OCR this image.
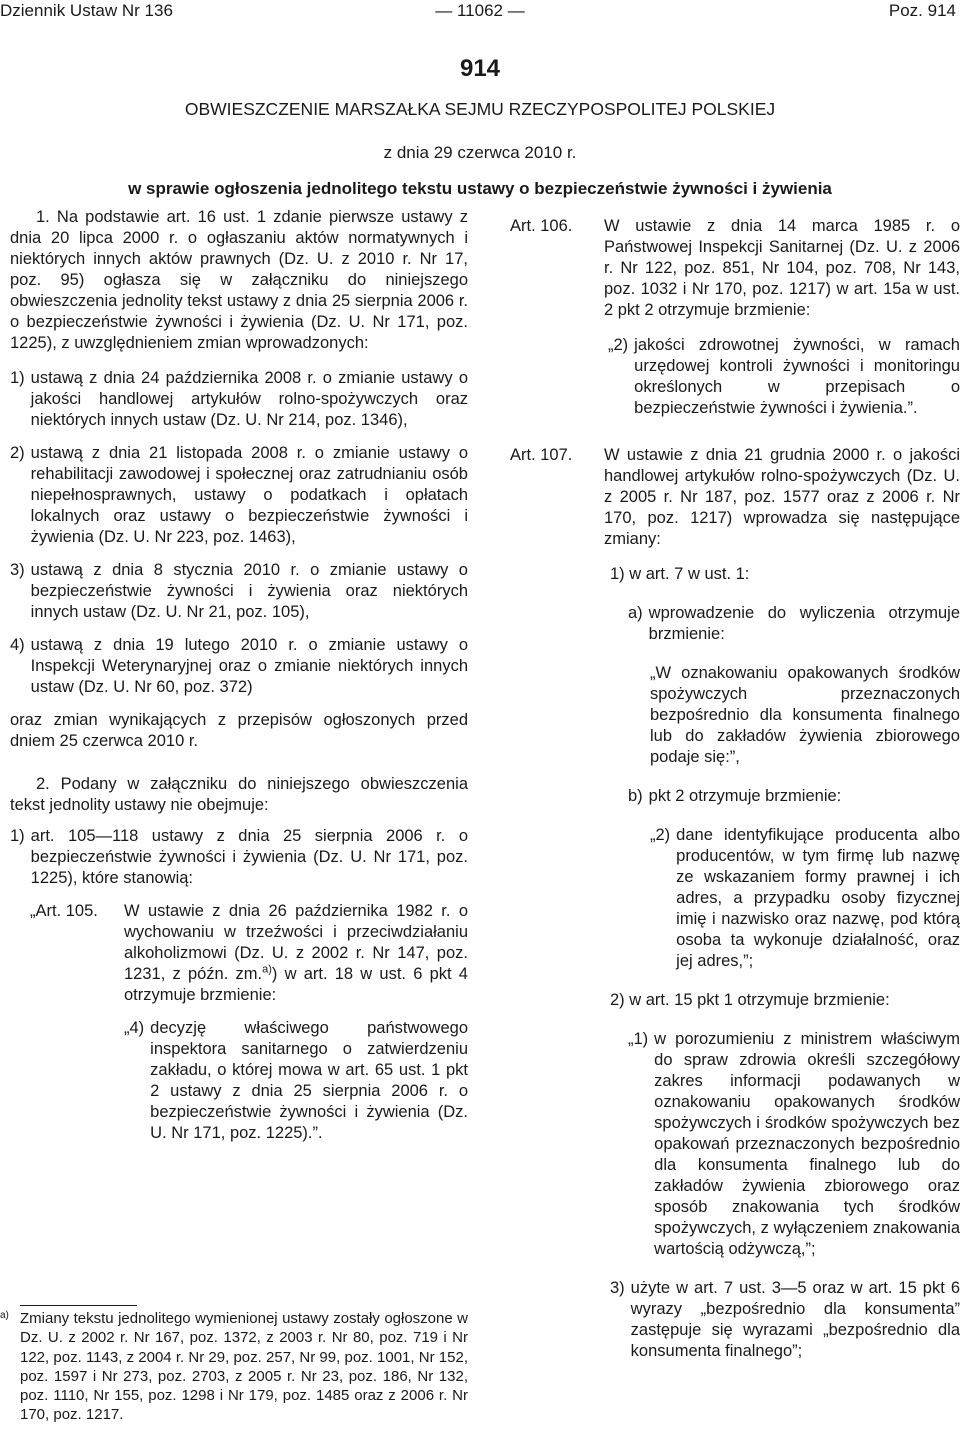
Dziennik Ustaw Nr 136	— 11062 —	Poz. 914
914
OBWIESZCZENIE MARSZAŁKA SEJMU RZECZYPOSPOLITEJ POLSKIEJ
z dnia 29 czerwca 2010 r.
w sprawie ogłoszenia jednolitego tekstu ustawy o bezpieczeństwie żywności i żywienia

1. Na podstawie art. 16 ust. 1 zdanie pierwsze ustawy z dnia 20 lipca 2000 r. o ogłaszaniu aktów normatywnych i niektórych innych aktów prawnych (Dz. U. z 2010 r. Nr 17, poz. 95) ogłasza się w załączniku do niniejszego obwieszczenia jednolity tekst ustawy z dnia 25 sierpnia 2006 r. o bezpieczeństwie żywności i żywienia (Dz. U. Nr 171, poz. 1225), z uwzględnieniem zmian wprowadzonych:

1) ustawą z dnia 24 października 2008 r. o zmianie ustawy o jakości handlowej artykułów rolno-spożywczych oraz niektórych innych ustaw (Dz. U. Nr 214, poz. 1346),
2) ustawą z dnia 21 listopada 2008 r. o zmianie ustawy o rehabilitacji zawodowej i społecznej oraz zatrudnianiu osób niepełnosprawnych, ustawy o podatkach i opłatach lokalnych oraz ustawy o bezpieczeństwie żywności i żywienia (Dz. U. Nr 223, poz. 1463),
3) ustawą z dnia 8 stycznia 2010 r. o zmianie ustawy o bezpieczeństwie żywności i żywienia oraz niektórych innych ustaw (Dz. U. Nr 21, poz. 105),
4) ustawą z dnia 19 lutego 2010 r. o zmianie ustawy o Inspekcji Weterynaryjnej oraz o zmianie niektórych innych ustaw (Dz. U. Nr 60, poz. 372)

oraz zmian wynikających z przepisów ogłoszonych przed dniem 25 czerwca 2010 r.

2. Podany w załączniku do niniejszego obwieszczenia tekst jednolity ustawy nie obejmuje:

1) art. 105—118 ustawy z dnia 25 sierpnia 2006 r. o bezpieczeństwie żywności i żywienia (Dz. U. Nr 171, poz. 1225), które stanowią:
„Art. 105.	W ustawie z dnia 26 października 1982 r. o wychowaniu w trzeźwości i przeciwdziałaniu alkoholizmowi (Dz. U. z 2002 r. Nr 147, poz. 1231, z późn. zm.$^{a)}$) w art. 18 w ust. 6 pkt 4 otrzymuje brzmienie:
„4) decyzję właściwego państwowego inspektora sanitarnego o zatwierdzeniu zakładu, o której mowa w art. 65 ust. 1 pkt 2 ustawy z dnia 25 sierpnia 2006 r. o bezpieczeństwie żywności i żywienia (Dz. U. Nr 171, poz. 1225).”.
a) Zmiany tekstu jednolitego wymienionej ustawy zostały ogłoszone w Dz. U. z 2002 r. Nr 167, poz. 1372, z 2003 r. Nr 80, poz. 719 i Nr 122, poz. 1143, z 2004 r. Nr 29, poz. 257, Nr 99, poz. 1001, Nr 152, poz. 1597 i Nr 273, poz. 2703, z 2005 r. Nr 23, poz. 186, Nr 132, poz. 1110, Nr 155, poz. 1298 i Nr 179, poz. 1485 oraz z 2006 r. Nr 170, poz. 1217.
Art. 106.	W ustawie z dnia 14 marca 1985 r. o Państwowej Inspekcji Sanitarnej (Dz. U. z 2006 r. Nr 122, poz. 851, Nr 104, poz. 708, Nr 143, poz. 1032 i Nr 170, poz. 1217) w art. 15a w ust. 2 pkt 2 otrzymuje brzmienie:
„2) jakości zdrowotnej żywności, w ramach urzędowej kontroli żywności i monitoringu określonych w przepisach o bezpieczeństwie żywności i żywienia.”.
Art. 107.	W ustawie z dnia 21 grudnia 2000 r. o jakości handlowej artykułów rolno-spożywczych (Dz. U. z 2005 r. Nr 187, poz. 1577 oraz z 2006 r. Nr 170, poz. 1217) wprowadza się następujące zmiany:

1) w art. 7 w ust. 1:

a) wprowadzenie do wyliczenia otrzymuje brzmienie:

„W oznakowaniu opakowanych środków spożywczych przeznaczonych bezpośrednio dla konsumenta finalnego lub do zakładów żywienia zbiorowego podaje się:”,

b) pkt 2 otrzymuje brzmienie:
„2) dane identyfikujące producenta albo producentów, w tym firmę lub nazwę ze wskazaniem formy prawnej i ich adres, a przypadku osoby fizycznej imię i nazwisko oraz nazwę, pod którą osoba ta wykonuje działalność, oraz jej adres,”;

2) w art. 15 pkt 1 otrzymuje brzmienie:

„1) w porozumieniu z ministrem właściwym do spraw zdrowia określi szczegółowy zakres informacji podawanych w oznakowaniu opakowanych środków spożywczych i środków spożywczych bez opakowań przeznaczonych bezpośrednio dla konsumenta finalnego lub do zakładów żywienia zbiorowego oraz sposób znakowania tych środków spożywczych, z wyłączeniem znakowania wartością odżywczą,”;
3) użyte w art. 7 ust. 3—5 oraz w art. 15 pkt 6 wyrazy „bezpośrednio dla konsumenta” zastępuje się wyrazami „bezpośrednio dla konsumenta finalnego”;
